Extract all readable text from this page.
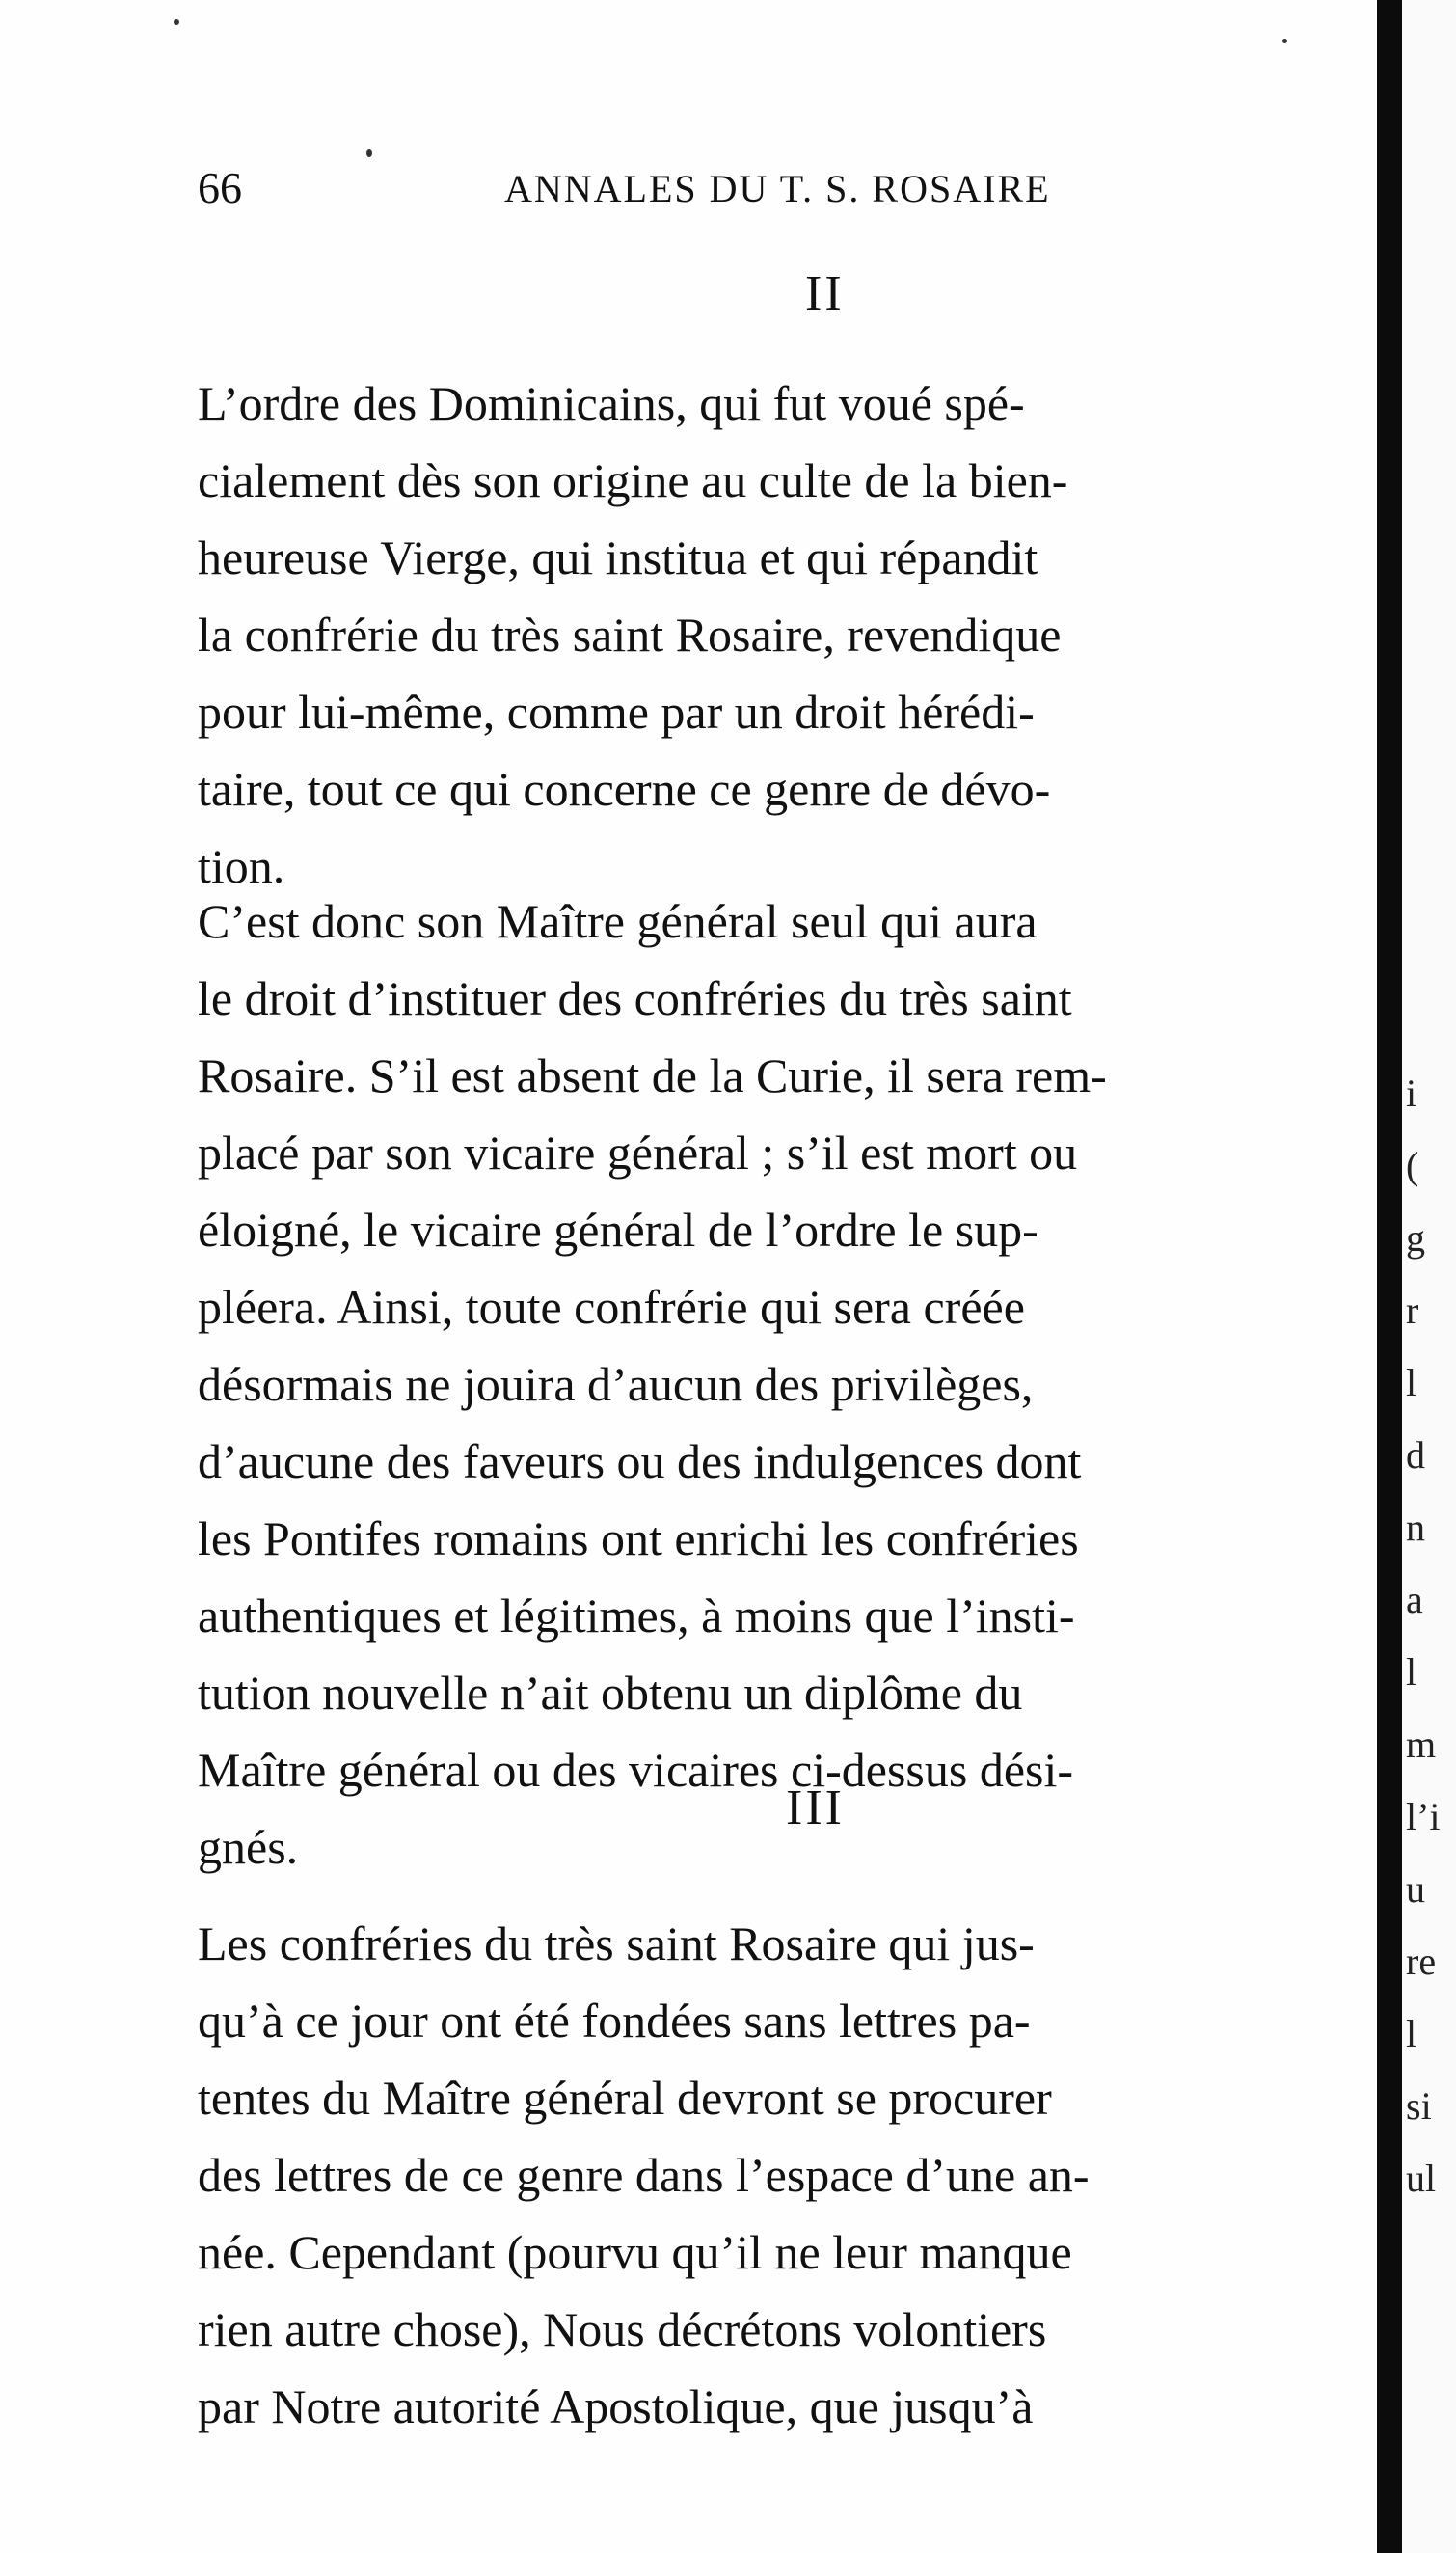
66	ANNALES DU T. S. ROSAIRE
II
L’ordre des Dominicains, qui fut voué spé-
cialement dès son origine au culte de la bien-
heureuse Vierge, qui institua et qui répandit
la confrérie du très saint Rosaire, revendique
pour lui-même, comme par un droit hérédi-
taire, tout ce qui concerne ce genre de dévo-
tion.
C’est donc son Maître général seul qui aura
le droit d’instituer des confréries du très saint
Rosaire. S’il est absent de la Curie, il sera rem-
placé par son vicaire général ; s’il est mort ou
éloigné, le vicaire général de l’ordre le sup-
pléera. Ainsi, toute confrérie qui sera créée
désormais ne jouira d’aucun des privilèges,
d’aucune des faveurs ou des indulgences dont
les Pontifes romains ont enrichi les confréries
authentiques et légitimes, à moins que l’insti-
tution nouvelle n’ait obtenu un diplôme du
Maître général ou des vicaires ci-dessus dési-
gnés.
III
Les confréries du très saint Rosaire qui jus-
qu’à ce jour ont été fondées sans lettres pa-
tentes du Maître général devront se procurer
des lettres de ce genre dans l’espace d’une an-
née. Cependant (pourvu qu’il ne leur manque
rien autre chose), Nous décrétons volontiers
par Notre autorité Apostolique, que jusqu’à
i
(
g
r
l
d
n
a
l
m
l’i
u
re
l
si
ul
